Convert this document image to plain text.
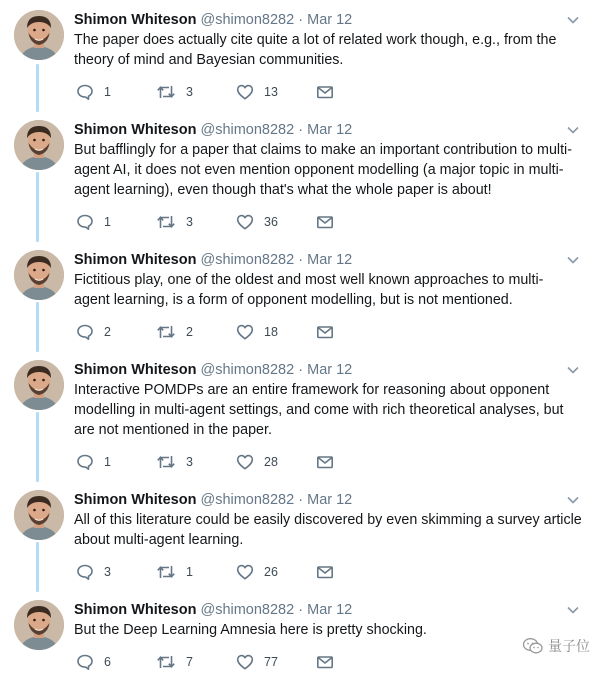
Shimon Whiteson @shimon8282 · Mar 12
The paper does actually cite quite a lot of related work though, e.g., from the
theory of mind and Bayesian communities.
1	3	13
Shimon Whiteson @shimon8282 · Mar 12
But bafflingly for a paper that claims to make an important contribution to multi-
agent AI, it does not even mention opponent modelling (a major topic in multi-
agent learning), even though that's what the whole paper is about!
1	3	36
Shimon Whiteson @shimon8282 · Mar 12
Fictitious play, one of the oldest and most well known approaches to multi-
agent learning, is a form of opponent modelling, but is not mentioned.
2	2	18
Shimon Whiteson @shimon8282 · Mar 12
Interactive POMDPs are an entire framework for reasoning about opponent
modelling in multi-agent settings, and come with rich theoretical analyses, but
are not mentioned in the paper.
1	3	28
Shimon Whiteson @shimon8282 · Mar 12
All of this literature could be easily discovered by even skimming a survey article
about multi-agent learning.
3	1	26
Shimon Whiteson @shimon8282 · Mar 12
But the Deep Learning Amnesia here is pretty shocking.
6	7	77
量子位
